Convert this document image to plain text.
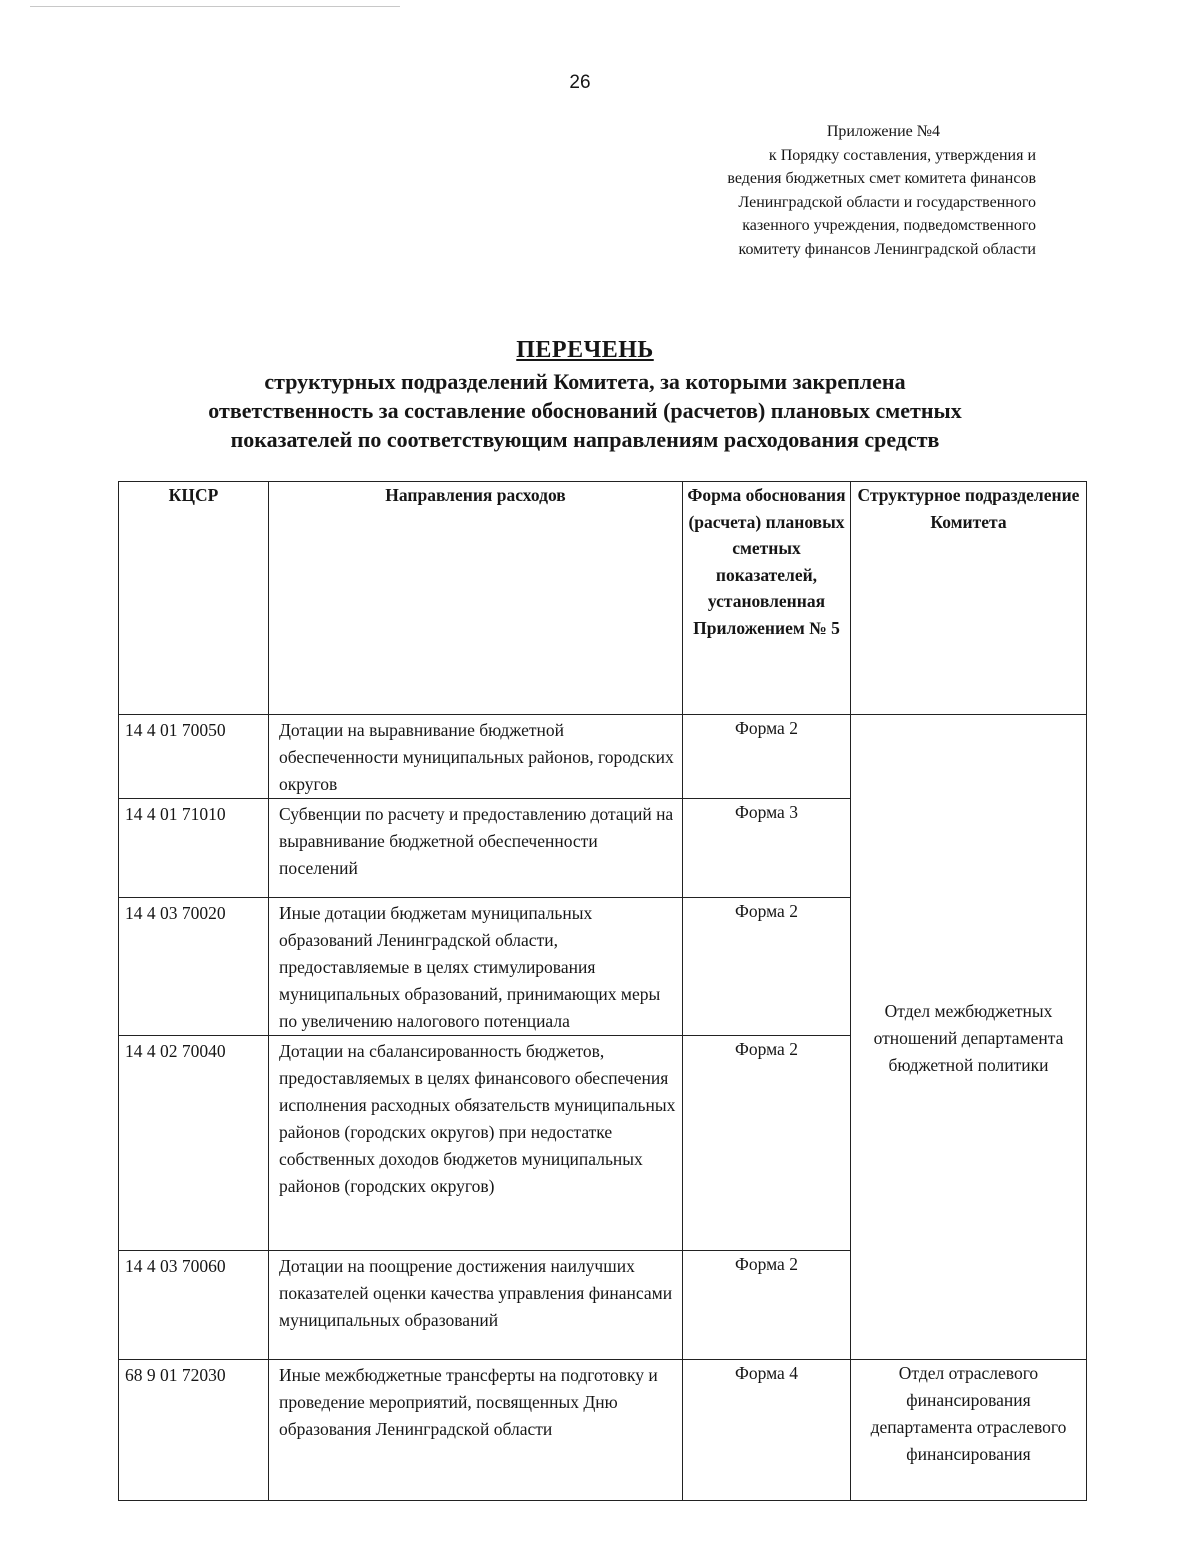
26
Приложение №4
к Порядку составления, утверждения и
ведения бюджетных смет комитета финансов
Ленинградской области и государственного
казенного учреждения, подведомственного
комитету финансов Ленинградской области
ПЕРЕЧЕНЬ
структурных подразделений Комитета, за которыми закреплена
ответственность за составление обоснований (расчетов) плановых сметных
показателей по соответствующим направлениям расходования средств
КЦСР	Направления расходов	Форма обоснования (расчета) плановых сметных показателей, установленная Приложением № 5	Структурное подразделение Комитета
14 4 01 70050	Дотации на выравнивание бюджетной обеспеченности муниципальных районов, городских округов	Форма 2	Отдел межбюджетных отношений департамента бюджетной политики
14 4 01 71010	Субвенции по расчету и предоставлению дотаций на выравнивание бюджетной обеспеченности поселений	Форма 3	
14 4 03 70020	Иные дотации бюджетам муниципальных образований Ленинградской области, предоставляемые в целях стимулирования муниципальных образований, принимающих меры по увеличению налогового потенциала	Форма 2	
14 4 02 70040	Дотации на сбалансированность бюджетов, предоставляемых в целях финансового обеспечения исполнения расходных обязательств муниципальных районов (городских округов) при недостатке собственных доходов бюджетов муниципальных районов (городских округов)	Форма 2	
14 4 03 70060	Дотации на поощрение достижения наилучших показателей оценки качества управления финансами муниципальных образований	Форма 2	
68 9 01 72030	Иные межбюджетные трансферты на подготовку и проведение мероприятий, посвященных Дню образования Ленинградской области	Форма 4	Отдел отраслевого финансирования департамента отраслевого финансирования
